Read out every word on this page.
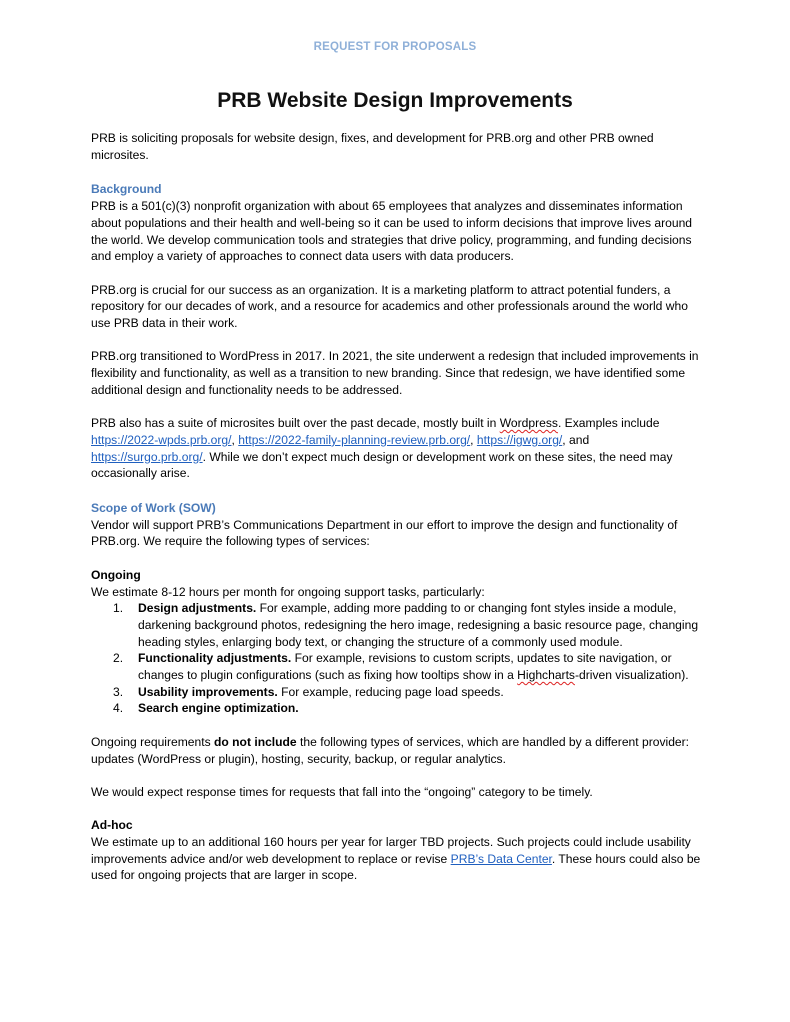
REQUEST FOR PROPOSALS
PRB Website Design Improvements

PRB is soliciting proposals for website design, fixes, and development for PRB.org and other PRB owned microsites.

Background

PRB is a 501(c)(3) nonprofit organization with about 65 employees that analyzes and disseminates information about populations and their health and well-being so it can be used to inform decisions that improve lives around the world. We develop communication tools and strategies that drive policy, programming, and funding decisions and employ a variety of approaches to connect data users with data producers.

PRB.org is crucial for our success as an organization. It is a marketing platform to attract potential funders, a repository for our decades of work, and a resource for academics and other professionals around the world who use PRB data in their work.

PRB.org transitioned to WordPress in 2017. In 2021, the site underwent a redesign that included improvements in flexibility and functionality, as well as a transition to new branding. Since that redesign, we have identified some additional design and functionality needs to be addressed.

PRB also has a suite of microsites built over the past decade, mostly built in Wordpress. Examples include https://2022-wpds.prb.org/, https://2022-family-planning-review.prb.org/, https://igwg.org/, and https://surgo.prb.org/. While we don’t expect much design or development work on these sites, the need may occasionally arise.

Scope of Work (SOW)

Vendor will support PRB’s Communications Department in our effort to improve the design and functionality of PRB.org. We require the following types of services:

Ongoing

We estimate 8-12 hours per month for ongoing support tasks, particularly:

1. Design adjustments. For example, adding more padding to or changing font styles inside a module, darkening background photos, redesigning the hero image, redesigning a basic resource page, changing heading styles, enlarging body text, or changing the structure of a commonly used module.
2. Functionality adjustments. For example, revisions to custom scripts, updates to site navigation, or changes to plugin configurations (such as fixing how tooltips show in a Highcharts-driven visualization).
3. Usability improvements. For example, reducing page load speeds.
4. Search engine optimization.

Ongoing requirements do not include the following types of services, which are handled by a different provider: updates (WordPress or plugin), hosting, security, backup, or regular analytics.

We would expect response times for requests that fall into the “ongoing” category to be timely.

Ad-hoc

We estimate up to an additional 160 hours per year for larger TBD projects. Such projects could include usability improvements advice and/or web development to replace or revise PRB’s Data Center. These hours could also be used for ongoing projects that are larger in scope.
